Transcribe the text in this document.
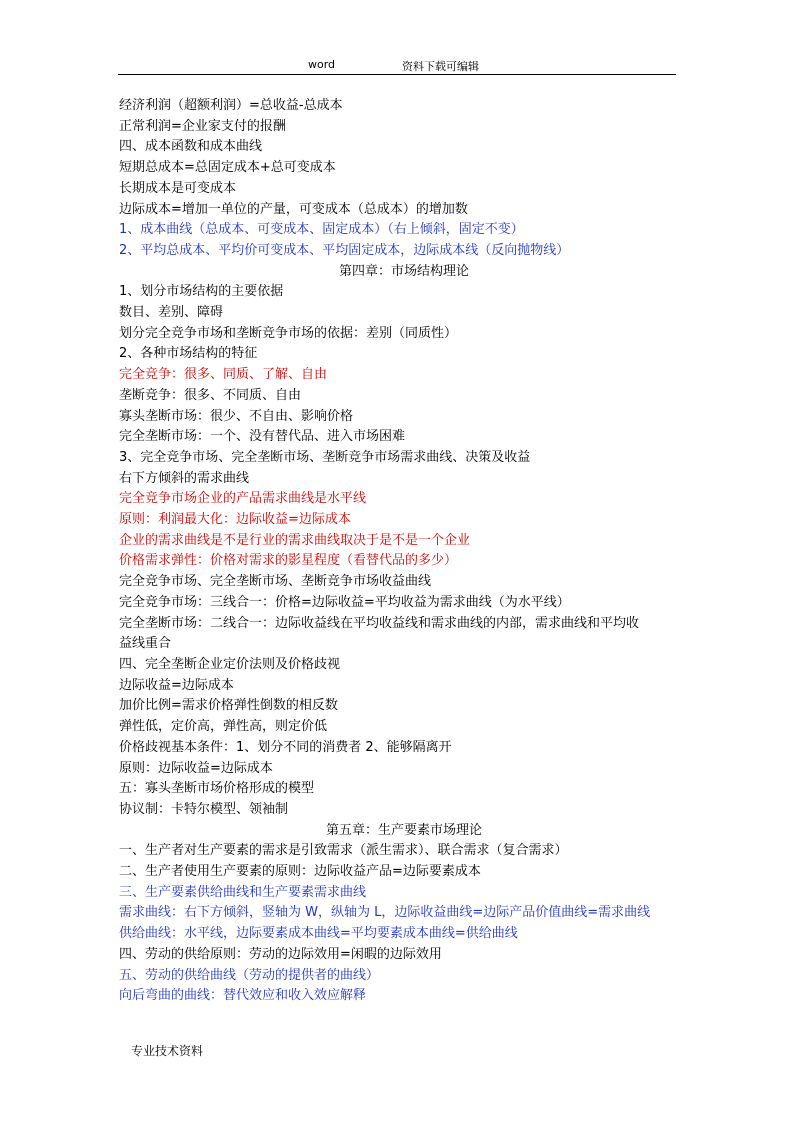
word	资料下载可编辑
经济利润（超额利润）=总收益-总成本
正常利润=企业家支付的报酬
四、成本函数和成本曲线
短期总成本=总固定成本+总可变成本
长期成本是可变成本
边际成本=增加一单位的产量，可变成本（总成本）的增加数
1、成本曲线（总成本、可变成本、固定成本）（右上倾斜，固定不变）
2、平均总成本、平均价可变成本、平均固定成本，边际成本线（反向抛物线）
第四章：市场结构理论
1、划分市场结构的主要依据
数目、差别、障碍
划分完全竞争市场和垄断竞争市场的依据：差别（同质性）
2、各种市场结构的特征
完全竞争：很多、同质、了解、自由
垄断竞争：很多、不同质、自由
寡头垄断市场：很少、不自由、影响价格
完全垄断市场：一个、没有替代品、进入市场困难
3、完全竞争市场、完全垄断市场、垄断竞争市场需求曲线、决策及收益
右下方倾斜的需求曲线
完全竞争市场企业的产品需求曲线是水平线
原则：利润最大化：边际收益=边际成本
企业的需求曲线是不是行业的需求曲线取决于是不是一个企业
价格需求弹性：价格对需求的影星程度（看替代品的多少）
完全竞争市场、完全垄断市场、垄断竞争市场收益曲线
完全竞争市场：三线合一：价格=边际收益=平均收益为需求曲线（为水平线）
完全垄断市场：二线合一：边际收益线在平均收益线和需求曲线的内部，需求曲线和平均收
益线重合
四、完全垄断企业定价法则及价格歧视
边际收益=边际成本
加价比例=需求价格弹性倒数的相反数
弹性低，定价高，弹性高，则定价低
价格歧视基本条件：1、划分不同的消费者 2、能够隔离开
原则：边际收益=边际成本
五：寡头垄断市场价格形成的模型
协议制：卡特尔模型、领袖制
第五章：生产要素市场理论
一、生产者对生产要素的需求是引致需求（派生需求）、联合需求（复合需求）
二、生产者使用生产要素的原则：边际收益产品=边际要素成本
三、生产要素供给曲线和生产要素需求曲线
需求曲线：右下方倾斜，竖轴为 W，纵轴为 L，边际收益曲线=边际产品价值曲线=需求曲线
供给曲线：水平线，边际要素成本曲线=平均要素成本曲线=供给曲线
四、劳动的供给原则：劳动的边际效用=闲暇的边际效用
五、劳动的供给曲线（劳动的提供者的曲线）
向后弯曲的曲线：替代效应和收入效应解释
专业技术资料
